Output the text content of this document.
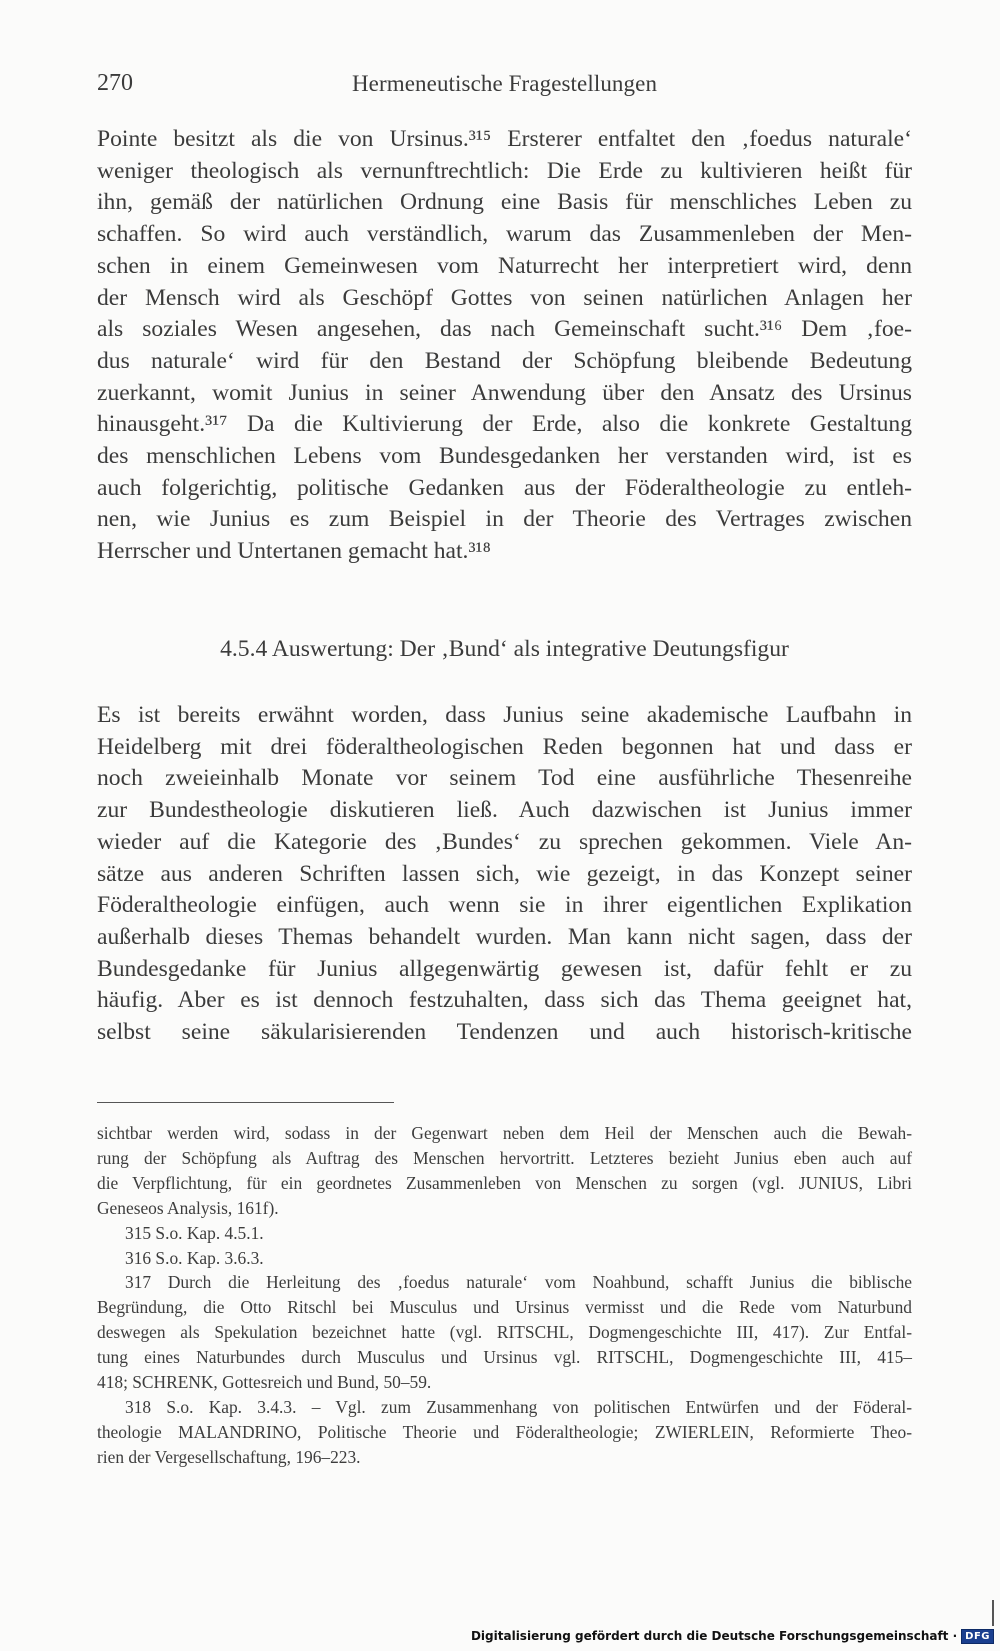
270	Hermeneutische Fragestellungen
Pointe besitzt als die von Ursinus.³¹⁵ Ersterer entfaltet den ‚foedus naturale‘
weniger theologisch als vernunftrechtlich: Die Erde zu kultivieren heißt für
ihn, gemäß der natürlichen Ordnung eine Basis für menschliches Leben zu
schaffen. So wird auch verständlich, warum das Zusammenleben der Men-
schen in einem Gemeinwesen vom Naturrecht her interpretiert wird, denn
der Mensch wird als Geschöpf Gottes von seinen natürlichen Anlagen her
als soziales Wesen angesehen, das nach Gemeinschaft sucht.³¹⁶ Dem ‚foe-
dus naturale‘ wird für den Bestand der Schöpfung bleibende Bedeutung
zuerkannt, womit Junius in seiner Anwendung über den Ansatz des Ursinus
hinausgeht.³¹⁷ Da die Kultivierung der Erde, also die konkrete Gestaltung
des menschlichen Lebens vom Bundesgedanken her verstanden wird, ist es
auch folgerichtig, politische Gedanken aus der Föderaltheologie zu entleh-
nen, wie Junius es zum Beispiel in der Theorie des Vertrages zwischen
Herrscher und Untertanen gemacht hat.³¹⁸
4.5.4 Auswertung: Der ‚Bund‘ als integrative Deutungsfigur
Es ist bereits erwähnt worden, dass Junius seine akademische Laufbahn in
Heidelberg mit drei föderaltheologischen Reden begonnen hat und dass er
noch zweieinhalb Monate vor seinem Tod eine ausführliche Thesenreihe
zur Bundestheologie diskutieren ließ. Auch dazwischen ist Junius immer
wieder auf die Kategorie des ‚Bundes‘ zu sprechen gekommen. Viele An-
sätze aus anderen Schriften lassen sich, wie gezeigt, in das Konzept seiner
Föderaltheologie einfügen, auch wenn sie in ihrer eigentlichen Explikation
außerhalb dieses Themas behandelt wurden. Man kann nicht sagen, dass der
Bundesgedanke für Junius allgegenwärtig gewesen ist, dafür fehlt er zu
häufig. Aber es ist dennoch festzuhalten, dass sich das Thema geeignet hat,
selbst seine säkularisierenden Tendenzen und auch historisch-kritische
sichtbar werden wird, sodass in der Gegenwart neben dem Heil der Menschen auch die Bewah-
rung der Schöpfung als Auftrag des Menschen hervortritt. Letzteres bezieht Junius eben auch auf
die Verpflichtung, für ein geordnetes Zusammenleben von Menschen zu sorgen (vgl. JUNIUS, Libri
Geneseos Analysis, 161f).
315 S.o. Kap. 4.5.1.
316 S.o. Kap. 3.6.3.
317 Durch die Herleitung des ‚foedus naturale‘ vom Noahbund, schafft Junius die biblische
Begründung, die Otto Ritschl bei Musculus und Ursinus vermisst und die Rede vom Naturbund
deswegen als Spekulation bezeichnet hatte (vgl. RITSCHL, Dogmengeschichte III, 417). Zur Entfal-
tung eines Naturbundes durch Musculus und Ursinus vgl. RITSCHL, Dogmengeschichte III, 415–
418; SCHRENK, Gottesreich und Bund, 50–59.
318 S.o. Kap. 3.4.3. – Vgl. zum Zusammenhang von politischen Entwürfen und der Föderal-
theologie MALANDRINO, Politische Theorie und Föderaltheologie; ZWIERLEIN, Reformierte Theo-
rien der Vergesellschaftung, 196–223.
Digitalisierung gefördert durch die Deutsche Forschungsgemeinschaft · DFG
